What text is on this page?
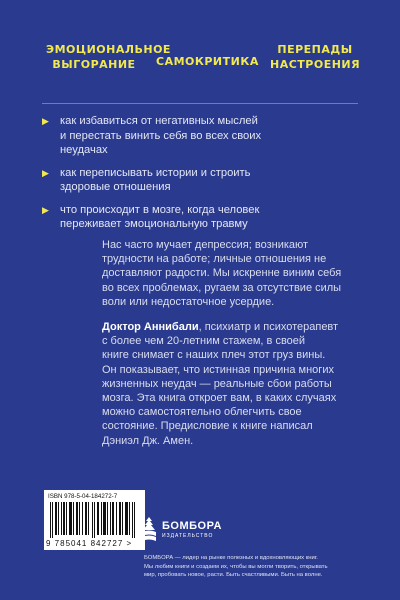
ЭМОЦИОНАЛЬНОЕ
ВЫГОРАНИЕ	САМОКРИТИКА
ПЕРЕПАДЫ
НАСТРОЕНИЯ
▶ как избавиться от негативных мыслей
и перестать винить себя во всех своих
неудачах
▶ как переписывать истории и строить
здоровые отношения
▶ что происходит в мозге, когда человек
переживает эмоциональную травму
Нас часто мучает депрессия; возникают
трудности на работе; личные отношения не
доставляют радости. Мы искренне виним себя
во всех проблемах, ругаем за отсутствие силы
воли или недостаточное усердие.
Доктор Аннибали, психиатр и психотерапевт
с более чем 20-летним стажем, в своей
книге снимает с наших плеч этот груз вины.
Он показывает, что истинная причина многих
жизненных неудач — реальные сбои работы
мозга. Эта книга откроет вам, в каких случаях
можно самостоятельно облегчить свое
состояние. Предисловие к книге написал
Дэниэл Дж. Амен.
ISBN 978-5-04-184272-7
9 785041 842727 >
БОМБОРА
ИЗДАТЕЛЬСТВО
БОМБОРА — лидер на рынке полезных и вдохновляющих книг.
Мы любим книги и создаем их, чтобы вы могли творить, открывать
мир, пробовать новое, расти. Быть счастливыми. Быть на волне.
